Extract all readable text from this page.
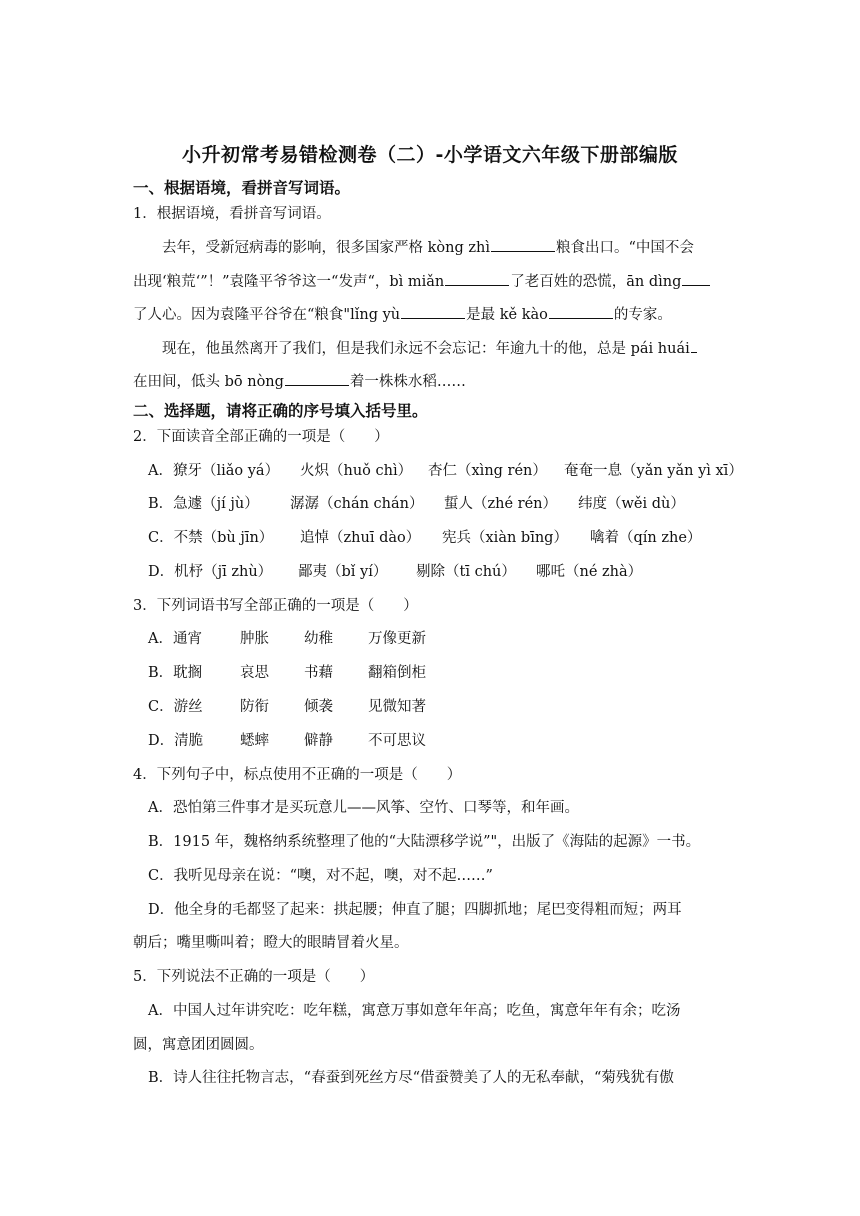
小升初常考易错检测卷（二）-小学语文六年级下册部编版
一、根据语境，看拼音写词语。
1．根据语境，看拼音写词语。
去年，受新冠病毒的影响，很多国家严格 kòng zhì	粮食出口。“中国不会
出现‘粮荒‘”！”袁隆平爷爷这一“发声“，bì miǎn	了老百姓的恐慌，ān dìng
了人心。因为袁隆平谷爷在“粮食"lǐng yù	是最 kě kào	的专家。
现在，他虽然离开了我们，但是我们永远不会忘记：年逾九十的他，总是 pái huái
在田间，低头 bō nòng	着一株株水稻……
二、选择题，请将正确的序号填入括号里。
2．下面读音全部正确的一项是（　　）
A．獠牙（liǎo yá） 火炽（huǒ chì） 杏仁（xìng rén） 奄奄一息（yǎn yǎn yì xī）
B．急遽（jí jù） 潺潺（chán chán） 蜇人（zhé rén） 纬度（wěi dù）
C．不禁（bù jīn） 追悼（zhuī dào） 宪兵（xiàn bīng） 噙着（qín zhe）
D．机杼（jī zhù） 鄙夷（bǐ yí） 剔除（tī chú） 哪吒（né zhà）
3．下列词语书写全部正确的一项是（　　）
A．通宵	肿胀 幼稚 万像更新
B．耽搁	哀思 书藉 翻箱倒柜
C．游丝	防衔 倾袭 见微知著
D．清脆	蟋蟀 僻静 不可思议
4．下列句子中，标点使用不正确的一项是（　　）
A．恐怕第三件事才是买玩意儿——风筝、空竹、口琴等，和年画。
B．1915 年，魏格纳系统整理了他的“大陆漂移学说”"，出版了《海陆的起源》一书。
C．我听见母亲在说：“噢，对不起，噢，对不起……”
D．他全身的毛都竖了起来：拱起腰；伸直了腿；四脚抓地；尾巴变得粗而短；两耳
朝后；嘴里嘶叫着；瞪大的眼睛冒着火星。
5．下列说法不正确的一项是（　　）
A．中国人过年讲究吃：吃年糕，寓意万事如意年年高；吃鱼，寓意年年有余；吃汤
圆，寓意团团圆圆。
B．诗人往往托物言志，“春蚕到死丝方尽“借蚕赞美了人的无私奉献，“菊残犹有傲
